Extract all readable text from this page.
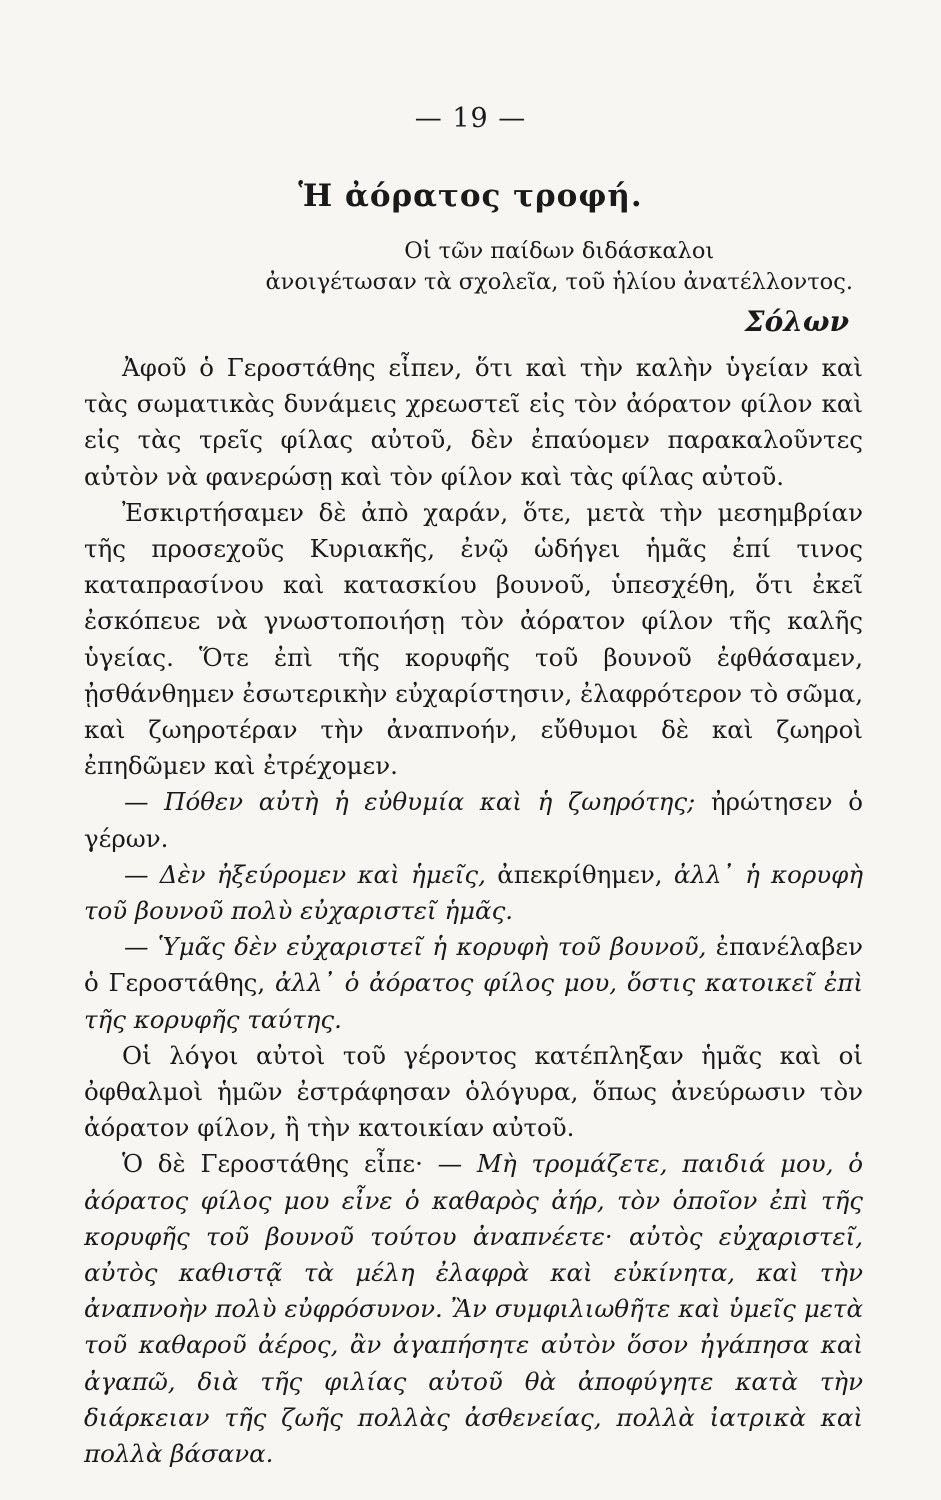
— 19 —
Ἡ ἀόρατος τροφή.
Οἱ τῶν παίδων διδάσκαλοι
ἀνοιγέτωσαν τὰ σχολεῖα, τοῦ ἡλίου ἀνατέλλοντος.
Σόλων

Ἀφοῦ ὁ Γεροστάθης εἶπεν, ὅτι καὶ τὴν καλὴν ὑγείαν καὶ τὰς σωματικὰς δυνάμεις χρεωστεῖ εἰς τὸν ἀόρατον φίλον καὶ εἰς τὰς τρεῖς φίλας αὐτοῦ, δὲν ἐπαύομεν παρακαλοῦντες αὐτὸν νὰ φανερώσῃ καὶ τὸν φίλον καὶ τὰς φίλας αὐτοῦ.

Ἐσκιρτήσαμεν δὲ ἀπὸ χαράν, ὅτε, μετὰ τὴν μεσημβρίαν τῆς προσεχοῦς Κυριακῆς, ἐνῷ ὡδήγει ἡμᾶς ἐπί τινος καταπρασίνου καὶ κατασκίου βουνοῦ, ὑπεσχέθη, ὅτι ἐκεῖ ἐσκόπευε νὰ γνωστοποιήσῃ τὸν ἀόρατον φίλον τῆς καλῆς ὑγείας. Ὅτε ἐπὶ τῆς κορυφῆς τοῦ βουνοῦ ἐφθάσαμεν, ᾐσθάνθημεν ἐσωτερικὴν εὐχαρίστησιν, ἐλαφρότερον τὸ σῶμα, καὶ ζωηροτέραν τὴν ἀναπνοήν, εὔθυμοι δὲ καὶ ζωηροὶ ἐπηδῶμεν καὶ ἐτρέχομεν.

— Πόθεν αὐτὴ ἡ εὐθυμία καὶ ἡ ζωηρότης; ἠρώτησεν ὁ γέρων.

— Δὲν ἠξεύρομεν καὶ ἡμεῖς, ἀπεκρίθημεν, ἀλλ᾿ ἡ κορυφὴ τοῦ βουνοῦ πολὺ εὐχαριστεῖ ἡμᾶς.

— Ὑμᾶς δὲν εὐχαριστεῖ ἡ κορυφὴ τοῦ βουνοῦ, ἐπανέλαβεν ὁ Γεροστάθης, ἀλλ᾿ ὁ ἀόρατος φίλος μου, ὅστις κατοικεῖ ἐπὶ τῆς κορυφῆς ταύτης.

Οἱ λόγοι αὐτοὶ τοῦ γέροντος κατέπληξαν ἡμᾶς καὶ οἱ ὀφθαλμοὶ ἡμῶν ἐστράφησαν ὁλόγυρα, ὅπως ἀνεύρωσιν τὸν ἀόρατον φίλον, ἢ τὴν κατοικίαν αὐτοῦ.

Ὁ δὲ Γεροστάθης εἶπε· — Μὴ τρομάζετε, παιδιά μου, ὁ ἀόρατος φίλος μου εἶνε ὁ καθαρὸς ἀήρ, τὸν ὁποῖον ἐπὶ τῆς κορυφῆς τοῦ βουνοῦ τούτου ἀναπνέετε· αὐτὸς εὐχαριστεῖ, αὐτὸς καθιστᾷ τὰ μέλη ἐλαφρὰ καὶ εὐκίνητα, καὶ τὴν ἀναπνοὴν πολὺ εὐφρόσυνον. Ἂν συμφιλιωθῆτε καὶ ὑμεῖς μετὰ τοῦ καθαροῦ ἀέρος, ἂν ἀγαπήσητε αὐτὸν ὅσον ἠγάπησα καὶ ἀγαπῶ, διὰ τῆς φιλίας αὐτοῦ θὰ ἀποφύγητε κατὰ τὴν διάρκειαν τῆς ζωῆς πολλὰς ἀσθενείας, πολλὰ ἰατρικὰ καὶ πολλὰ βάσανα.
